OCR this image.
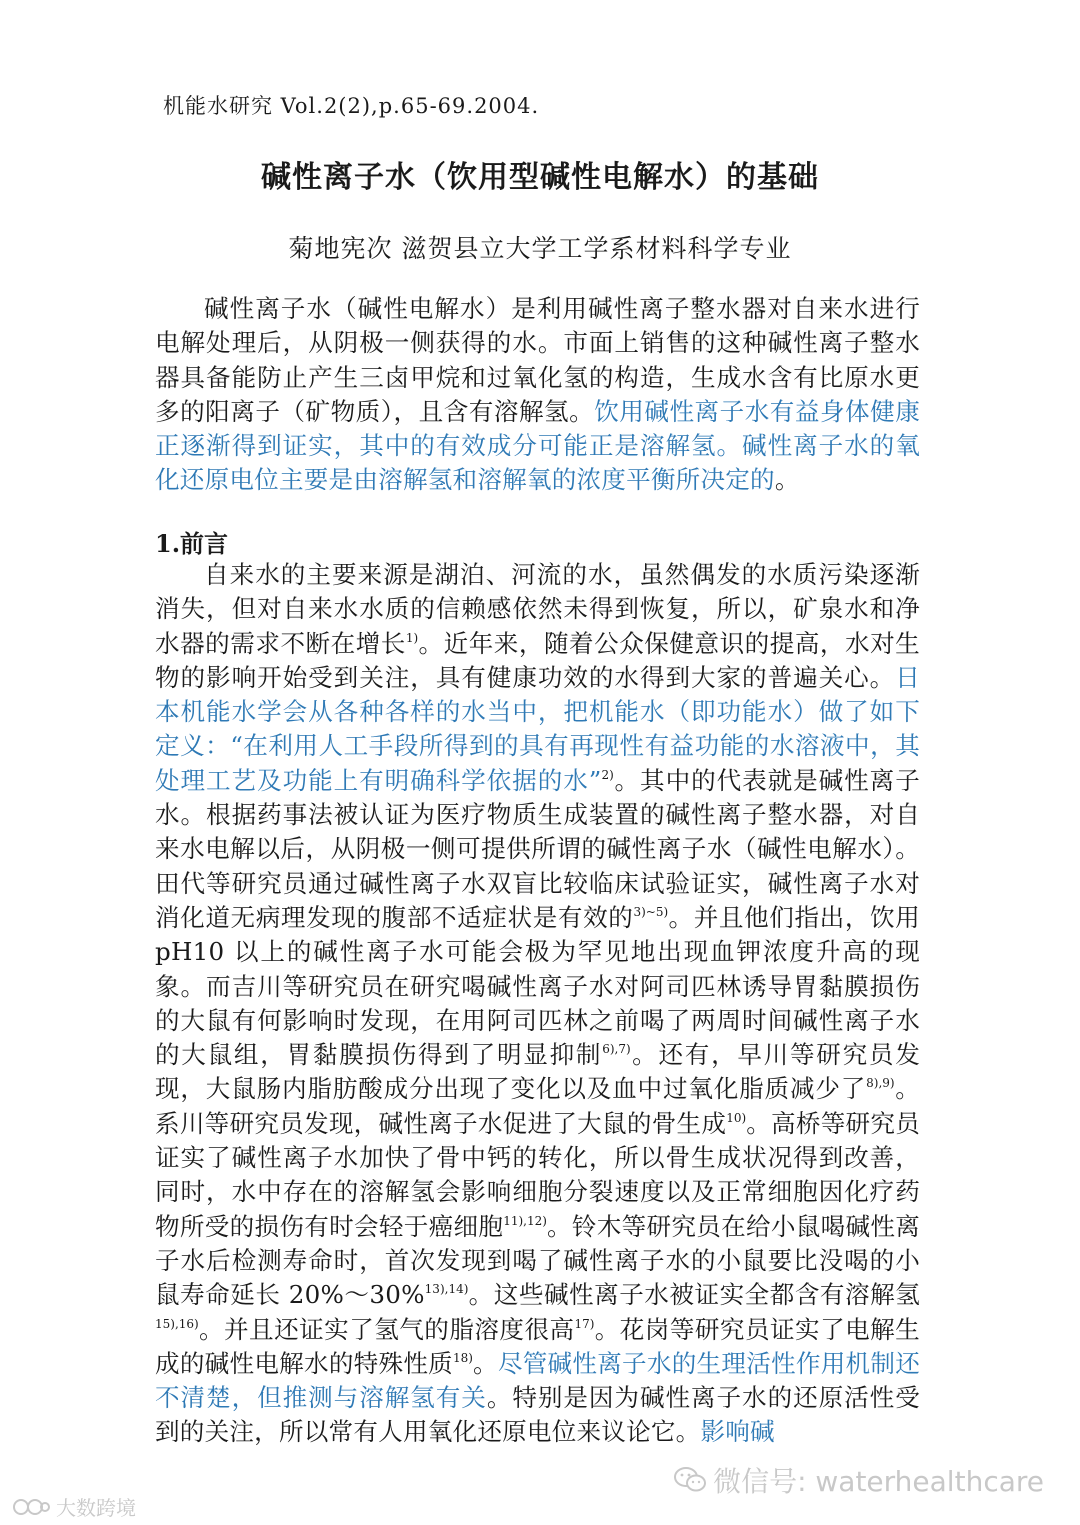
机能水研究 Vol.2(2),p.65-69.2004.
碱性离子水（饮用型碱性电解水）的基础
菊地宪次 滋贺县立大学工学系材料科学专业

碱性离子水（碱性电解水）是利用碱性离子整水器对自来水进行电解处理后，从阴极一侧获得的水。市面上销售的这种碱性离子整水器具备能防止产生三卤甲烷和过氧化氢的构造，生成水含有比原水更多的阳离子（矿物质），且含有溶解氢。饮用碱性离子水有益身体健康正逐渐得到证实，其中的有效成分可能正是溶解氢。碱性离子水的氧化还原电位主要是由溶解氢和溶解氧的浓度平衡所决定的。

1.前言

自来水的主要来源是湖泊、河流的水，虽然偶发的水质污染逐渐消失，但对自来水水质的信赖感依然未得到恢复，所以，矿泉水和净水器的需求不断在增长$^{1)}$。近年来，随着公众保健意识的提高，水对生物的影响开始受到关注，具有健康功效的水得到大家的普遍关心。日本机能水学会从各种各样的水当中，把机能水（即功能水）做了如下定义：“在利用人工手段所得到的具有再现性有益功能的水溶液中，其处理工艺及功能上有明确科学依据的水”$^{2)}$。其中的代表就是碱性离子水。根据药事法被认证为医疗物质生成装置的碱性离子整水器，对自来水电解以后，从阴极一侧可提供所谓的碱性离子水（碱性电解水）。田代等研究员通过碱性离子水双盲比较临床试验证实，碱性离子水对消化道无病理发现的腹部不适症状是有效的$^{3)\sim 5)}$。并且他们指出，饮用 pH10 以上的碱性离子水可能会极为罕见地出现血钾浓度升高的现象。而吉川等研究员在研究喝碱性离子水对阿司匹林诱导胃黏膜损伤的大鼠有何影响时发现，在用阿司匹林之前喝了两周时间碱性离子水的大鼠组，胃黏膜损伤得到了明显抑制$^{6),7)}$。还有，早川等研究员发现，大鼠肠内脂肪酸成分出现了变化以及血中过氧化脂质减少了$^{8),9)}$。系川等研究员发现，碱性离子水促进了大鼠的骨生成$^{10)}$。高桥等研究员证实了碱性离子水加快了骨中钙的转化，所以骨生成状况得到改善，同时，水中存在的溶解氢会影响细胞分裂速度以及正常细胞因化疗药物所受的损伤有时会轻于癌细胞$^{11),12)}$。铃木等研究员在给小鼠喝碱性离子水后检测寿命时，首次发现到喝了碱性离子水的小鼠要比没喝的小鼠寿命延长 20%～30%$^{13),14)}$。这些碱性离子水被证实全都含有溶解氢$^{15),16)}$。并且还证实了氢气的脂溶度很高$^{17)}$。花岗等研究员证实了电解生成的碱性电解水的特殊性质$^{18)}$。尽管碱性离子水的生理活性作用机制还不清楚，但推测与溶解氢有关。特别是因为碱性离子水的还原活性受到的关注，所以常有人用氧化还原电位来议论它。影响碱

微信号: waterhealthcare
大数跨境
